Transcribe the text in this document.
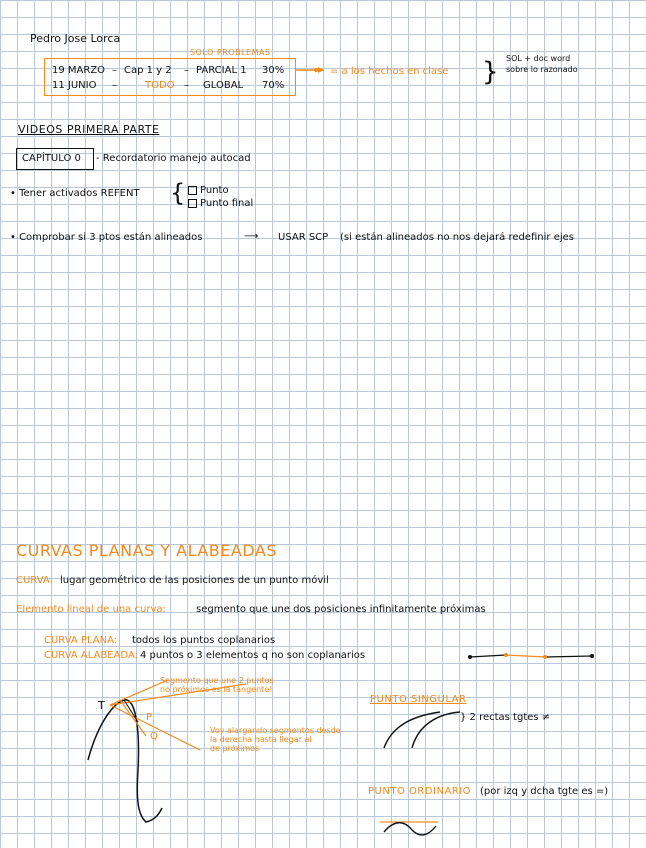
Pedro Jose Lorca
SOLO PROBLEMAS
19 MARZO – Cap 1 y 2 – PARCIAL 1 30%
11 JUNIO –	TODO – GLOBAL 70%
= a los hechos en clase } SOL + doc word
sobre lo razonado
VIDEOS PRIMERA PARTE
CAPÍTULO 0 - Recordatorio manejo autocad
• Tener activados REFENT {	Punto
Punto final
• Comprobar si 3 ptos están alineados	⟶ USAR SCP (si están alineados no nos dejará redefinir ejes
CURVAS PLANAS Y ALABEADAS
CURVA: lugar geométrico de las posiciones de un punto móvil
Elemento lineal de una curva:	segmento que une dos posiciones infinitamente próximas
CURVA PLANA: todos los puntos coplanarios
CURVA ALABEADA: 4 puntos o 3 elementos q no son coplanarios
Segmento que une 2 puntos
no próximos es la tangente!
Voy alargando segmentos desde
la derecha hasta llegar al
de próximos
T
P
Q
PUNTO SINGULAR
} 2 rectas tgtes ≠
PUNTO ORDINARIO (por izq y dcha tgte es =)
